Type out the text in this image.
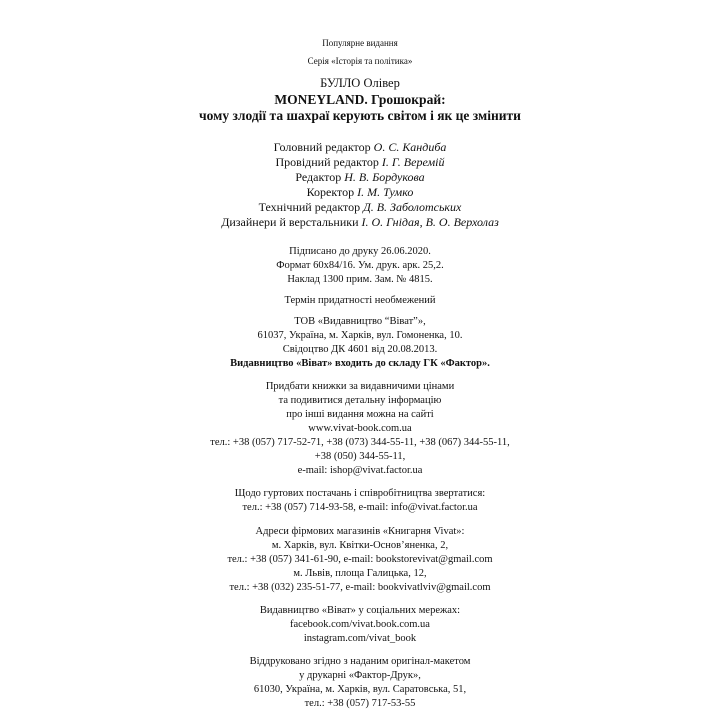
Популярне видання
Серія «Історія та політика»
БУЛЛО Олівер
MONEYLAND. Грошокрай:
чому злодії та шахраї керують світом і як це змінити
Головний редактор О. С. Кандиба
Провідний редактор І. Г. Веремій
Редактор Н. В. Бордукова
Коректор І. М. Тумко
Технічний редактор Д. В. Заболотських
Дизайнери й верстальники І. О. Гнідая, В. О. Верхолаз
Підписано до друку 26.06.2020.
Формат 60х84/16. Ум. друк. арк. 25,2.
Наклад 1300 прим. Зам. № 4815.
Термін придатності необмежений
ТОВ «Видавництво “Віват”»,
61037, Україна, м. Харків, вул. Гомоненка, 10.
Свідоцтво ДК 4601 від 20.08.2013.
Видавництво «Віват» входить до складу ГК «Фактор».
Придбати книжки за видавничими цінами
та подивитися детальну інформацію
про інші видання можна на сайті
www.vivat-book.com.ua
тел.: +38 (057) 717-52-71, +38 (073) 344-55-11, +38 (067) 344-55-11,
+38 (050) 344-55-11,
e-mail: ishop@vivat.factor.ua
Щодо гуртових постачань і співробітництва звертатися:
тел.: +38 (057) 714-93-58, e-mail: info@vivat.factor.ua
Адреси фірмових магазинів «Книгарня Vivat»:
м. Харків, вул. Квітки-Основ’яненка, 2,
тел.: +38 (057) 341-61-90, e-mail: bookstorevivat@gmail.com
м. Львів, площа Галицька, 12,
тел.: +38 (032) 235-51-77, e-mail: bookvivatlviv@gmail.com
Видавництво «Віват» у соціальних мережах:
facebook.com/vivat.book.com.ua
instagram.com/vivat_book
Віддруковано згідно з наданим оригінал-макетом
у друкарні «Фактор-Друк»,
61030, Україна, м. Харків, вул. Саратовська, 51,
тел.: +38 (057) 717-53-55
